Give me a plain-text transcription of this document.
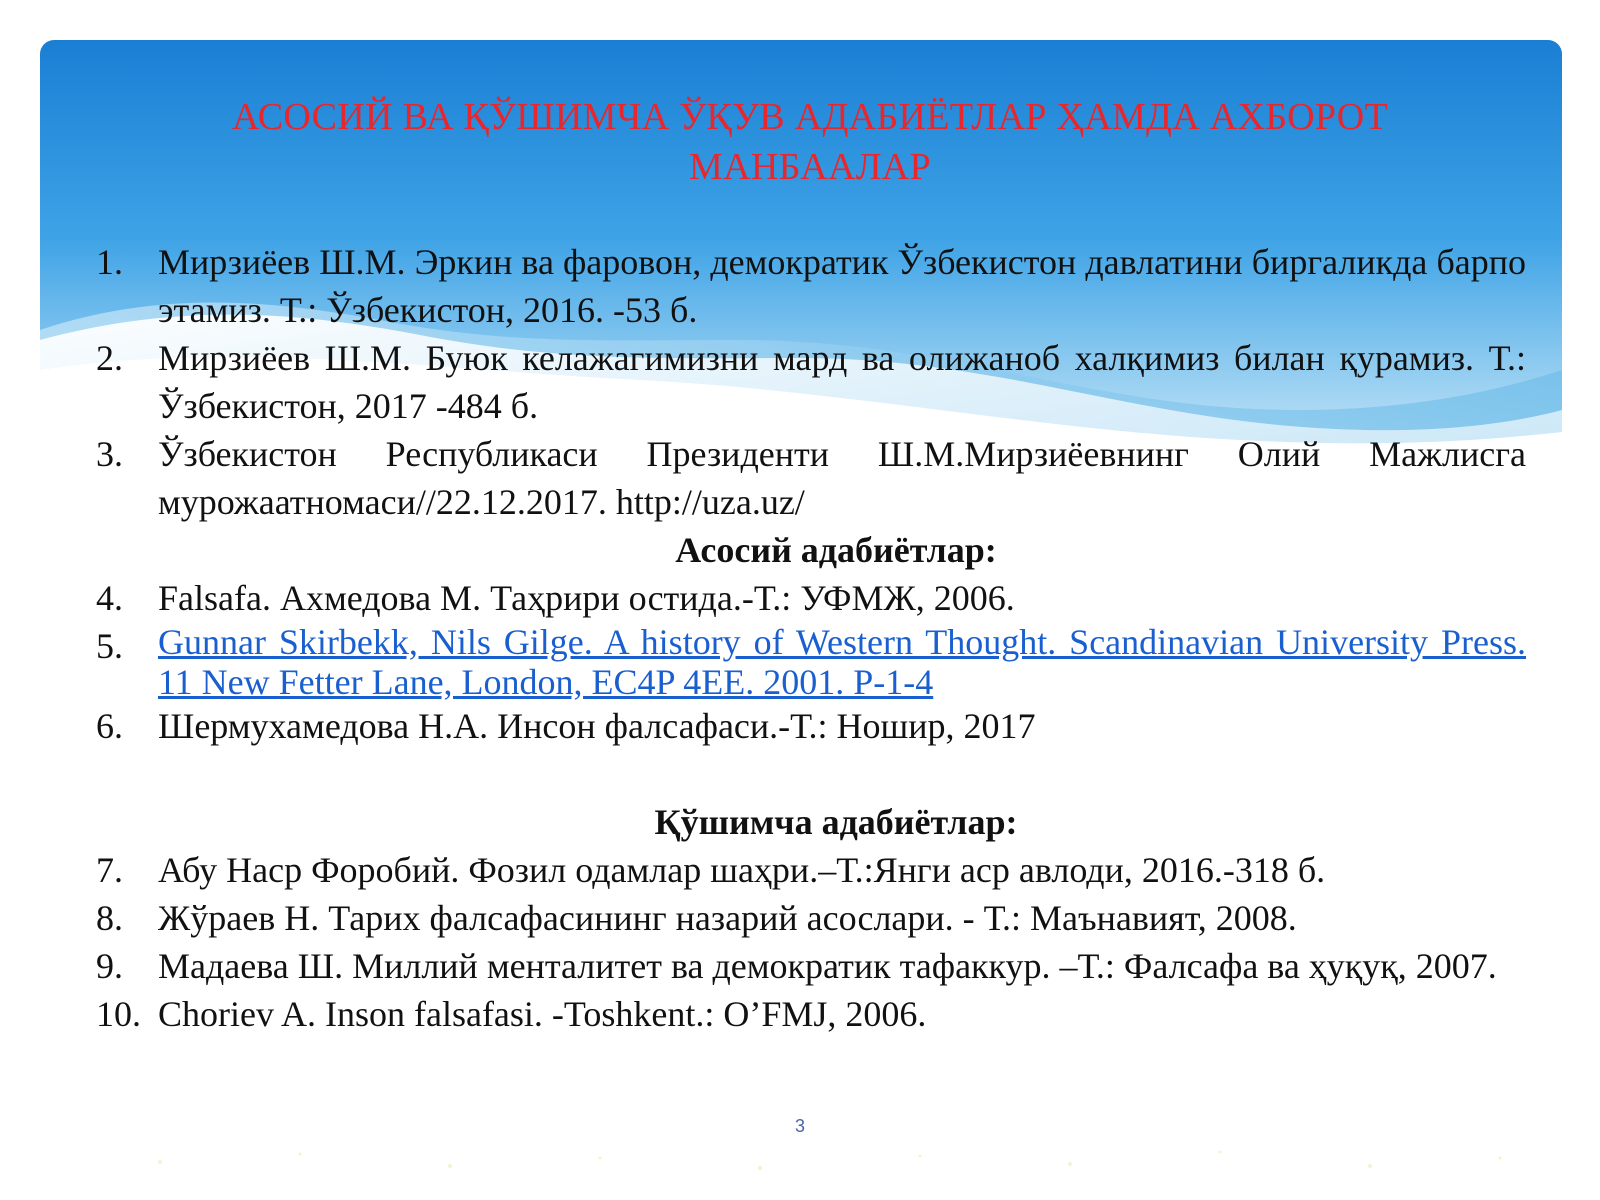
АСОСИЙ ВА ҚЎШИМЧА ЎҚУВ АДАБИЁТЛАР ҲАМДА АХБОРОТ МАНБААЛАР
1. Мирзиёев Ш.М. Эркин ва фаровон, демократик Ўзбекистон давлатини биргаликда барпо этамиз. Т.: Ўзбекистон, 2016. -53 б.
2. Мирзиёев Ш.М. Буюк келажагимизни мард ва олижаноб халқимиз билан қурамиз. Т.: Ўзбекистон, 2017 -484 б.
3. Ўзбекистон Республикаси Президенти Ш.М.Мирзиёевнинг Олий Мажлисга мурожаатномаси//22.12.2017. http://uza.uz/
Асосий адабиётлар:
4. Falsafa. Ахмедова М. Таҳрири остида.-Т.: УФМЖ, 2006.
5. Gunnar Skirbekk, Nils Gilge. A history of Western Thought. Scandinavian University Press. 11 New Fetter Lane, London, EC4P 4EE. 2001. P-1-4
6. Шермухамедова Н.А. Инсон фалсафаси.-Т.: Ношир, 2017
Қўшимча адабиётлар:
7. Абу Наср Форобий. Фозил одамлар шаҳри.–Т.:Янги аср авлоди, 2016.-318 б.
8. Жўраев Н. Тарих фалсафасининг назарий асослари. - Т.: Маънавият, 2008.
9. Мадаева Ш. Миллий менталитет ва демократик тафаккур. –Т.: Фалсафа ва ҳуқуқ, 2007.
10. Choriev A. Inson falsafasi. -Toshkent.: O’FMJ, 2006.
3
